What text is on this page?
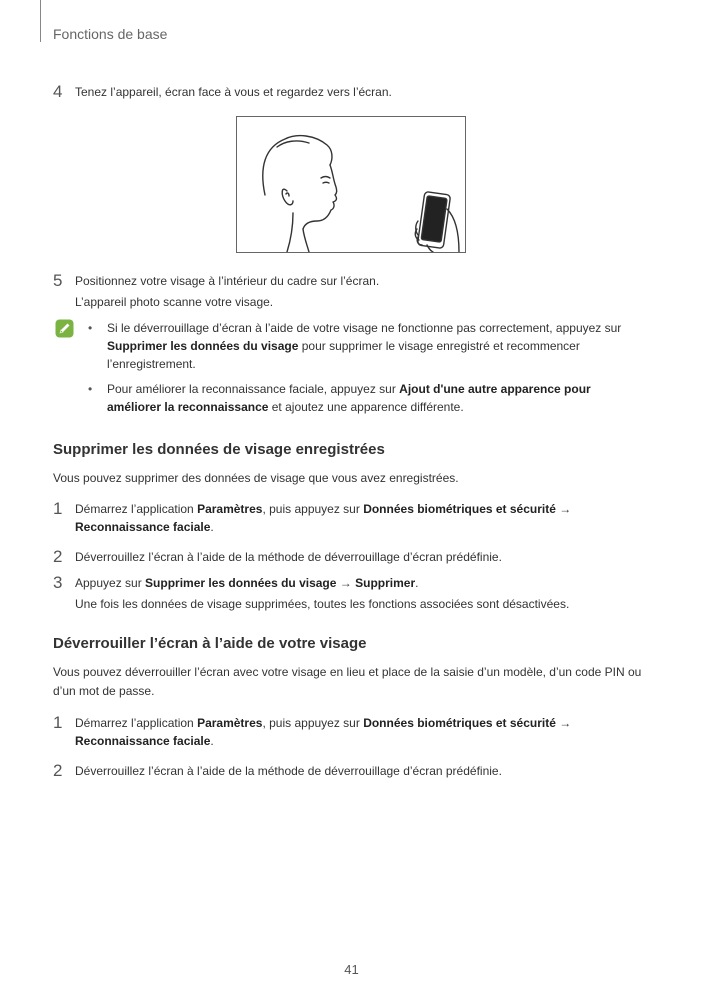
Fonctions de base
4 Tenez l’appareil, écran face à vous et regardez vers l’écran.
5 Positionnez votre visage à l’intérieur du cadre sur l’écran.
L’appareil photo scanne votre visage.
• Si le déverrouillage d’écran à l’aide de votre visage ne fonctionne pas correctement, appuyez sur Supprimer les données du visage pour supprimer le visage enregistré et recommencer l’enregistrement.
• Pour améliorer la reconnaissance faciale, appuyez sur Ajout d'une autre apparence pour améliorer la reconnaissance et ajoutez une apparence différente.
Supprimer les données de visage enregistrées
Vous pouvez supprimer des données de visage que vous avez enregistrées.
1 Démarrez l’application Paramètres, puis appuyez sur Données biométriques et sécurité → Reconnaissance faciale.
2 Déverrouillez l’écran à l’aide de la méthode de déverrouillage d’écran prédéfinie.
3 Appuyez sur Supprimer les données du visage → Supprimer.
Une fois les données de visage supprimées, toutes les fonctions associées sont désactivées.
Déverrouiller l’écran à l’aide de votre visage
Vous pouvez déverrouiller l’écran avec votre visage en lieu et place de la saisie d’un modèle, d’un code PIN ou d’un mot de passe.
1 Démarrez l’application Paramètres, puis appuyez sur Données biométriques et sécurité → Reconnaissance faciale.
2 Déverrouillez l’écran à l’aide de la méthode de déverrouillage d’écran prédéfinie.
41
